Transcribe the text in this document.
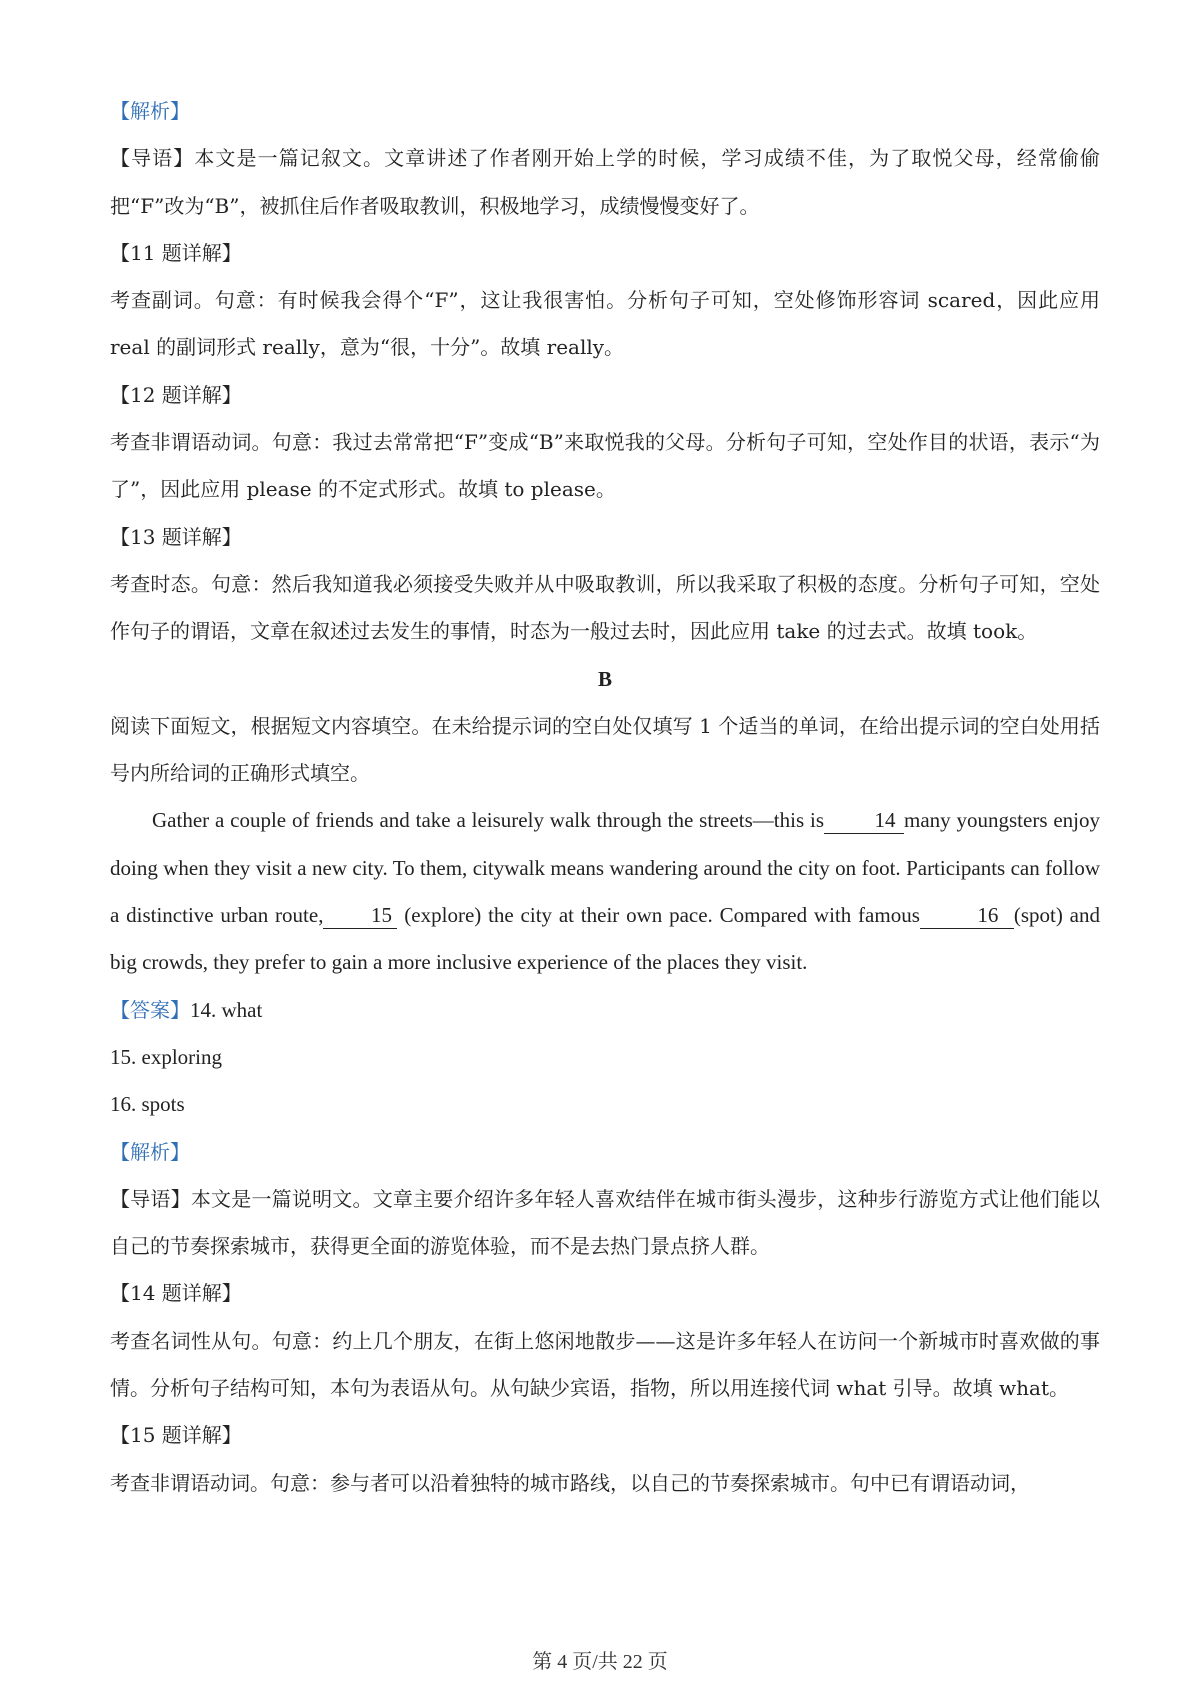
【解析】
【导语】本文是一篇记叙文。文章讲述了作者刚开始上学的时候，学习成绩不佳，为了取悦父母，经常偷偷把“F”改为“B”，被抓住后作者吸取教训，积极地学习，成绩慢慢变好了。
【11 题详解】
考查副词。句意：有时候我会得个“F”，这让我很害怕。分析句子可知，空处修饰形容词 scared，因此应用 real 的副词形式 really，意为“很，十分”。故填 really。
【12 题详解】
考查非谓语动词。句意：我过去常常把“F”变成“B”来取悦我的父母。分析句子可知，空处作目的状语，表示“为了”，因此应用 please 的不定式形式。故填 to please。
【13 题详解】
考查时态。句意：然后我知道我必须接受失败并从中吸取教训，所以我采取了积极的态度。分析句子可知，空处作句子的谓语，文章在叙述过去发生的事情，时态为一般过去时，因此应用 take 的过去式。故填 took。
B
阅读下面短文，根据短文内容填空。在未给提示词的空白处仅填写 1 个适当的单词，在给出提示词的空白处用括号内所给词的正确形式填空。
Gather a couple of friends and take a leisurely walk through the streets—this is 14 many youngsters enjoy doing when they visit a new city. To them, citywalk means wandering around the city on foot. Participants can follow a distinctive urban route, 15 (explore) the city at their own pace. Compared with famous	16 (spot) and big crowds, they prefer to gain a more inclusive experience of the places they visit.
【答案】14. what
15. exploring
16. spots
【解析】
【导语】本文是一篇说明文。文章主要介绍许多年轻人喜欢结伴在城市街头漫步，这种步行游览方式让他们能以自己的节奏探索城市，获得更全面的游览体验，而不是去热门景点挤人群。
【14 题详解】
考查名词性从句。句意：约上几个朋友，在街上悠闲地散步——这是许多年轻人在访问一个新城市时喜欢做的事情。分析句子结构可知，本句为表语从句。从句缺少宾语，指物，所以用连接代词 what 引导。故填 what。
【15 题详解】
考查非谓语动词。句意：参与者可以沿着独特的城市路线，以自己的节奏探索城市。句中已有谓语动词，
第 4 页/共 22 页
